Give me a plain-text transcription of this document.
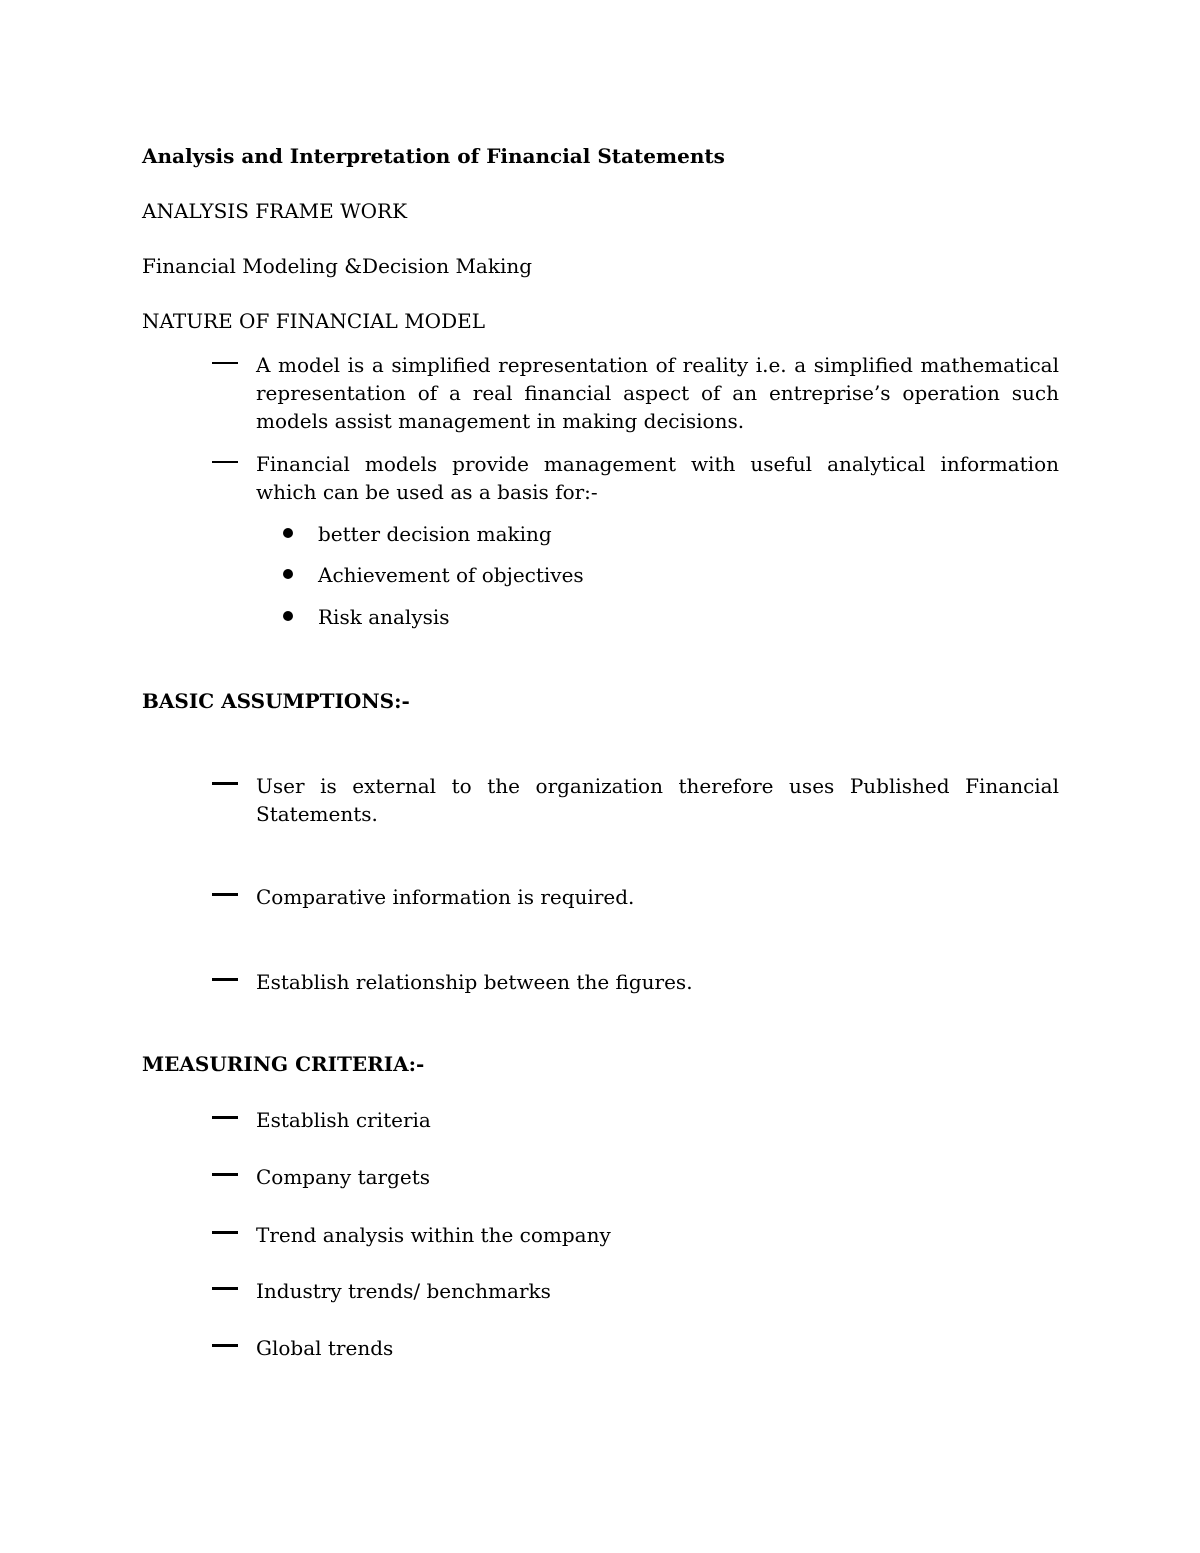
Analysis and Interpretation of Financial Statements
ANALYSIS FRAME WORK
Financial Modeling &Decision Making
NATURE OF FINANCIAL MODEL
A model is a simplified representation of reality i.e. a simplified mathematical representation of a real financial aspect of an entreprise’s operation such models assist management in making decisions.
Financial models provide management with useful analytical information which can be used as a basis for:-
better decision making
Achievement of objectives
Risk analysis
BASIC ASSUMPTIONS:-
User is external to the organization therefore uses Published Financial Statements.
Comparative information is required.
Establish relationship between the figures.
MEASURING CRITERIA:-
Establish criteria
Company targets
Trend analysis within the company
Industry trends/ benchmarks
Global trends
